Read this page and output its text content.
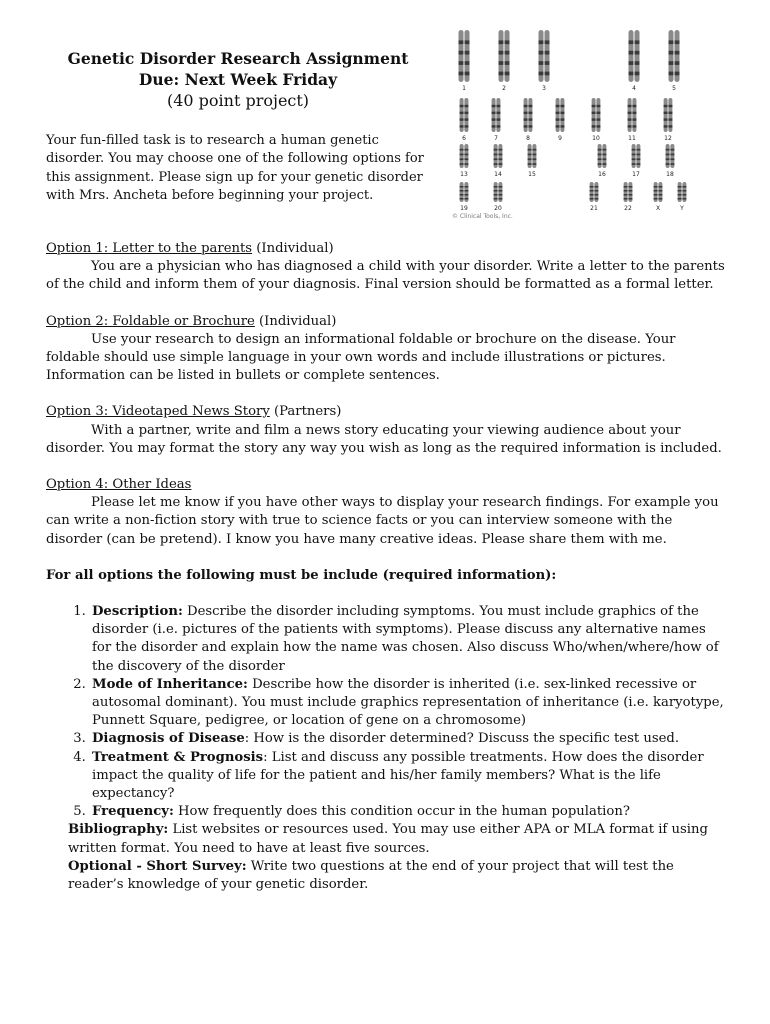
Genetic Disorder Research Assignment
Due: Next Week Friday
(40 point project)
Your fun-filled task is to research a human genetic disorder. You may choose one of the following options for this assignment. Please sign up for your genetic disorder with Mrs. Ancheta before beginning your project.
1	2	3	4	5
6	7	8	9	10	11	12
13	14	15	16	17	18
19	20	21	22	X	Y
© Clinical Tools, Inc.

Option 1: Letter to the parents (Individual)

You are a physician who has diagnosed a child with your disorder. Write a letter to the parents of the child and inform them of your diagnosis. Final version should be formatted as a formal letter.

Option 2: Foldable or Brochure (Individual)

Use your research to design an informational foldable or brochure on the disease. Your foldable should use simple language in your own words and include illustrations or pictures. Information can be listed in bullets or complete sentences.

Option 3: Videotaped News Story (Partners)

With a partner, write and film a news story educating your viewing audience about your disorder. You may format the story any way you wish as long as the required information is included.

Option 4: Other Ideas

Please let me know if you have other ways to display your research findings. For example you can write a non-fiction story with true to science facts or you can interview someone with the disorder (can be pretend). I know you have many creative ideas. Please share them with me.

For all options the following must be include (required information):

1. Description: Describe the disorder including symptoms. You must include graphics of the disorder (i.e. pictures of the patients with symptoms). Please discuss any alternative names for the disorder and explain how the name was chosen. Also discuss Who/when/where/how of the discovery of the disorder
2. Mode of Inheritance: Describe how the disorder is inherited (i.e. sex-linked recessive or autosomal dominant). You must include graphics representation of inheritance (i.e. karyotype, Punnett Square, pedigree, or location of gene on a chromosome)
3. Diagnosis of Disease: How is the disorder determined? Discuss the specific test used.
4. Treatment & Prognosis: List and discuss any possible treatments. How does the disorder impact the quality of life for the patient and his/her family members? What is the life expectancy?
5. Frequency: How frequently does this condition occur in the human population?

Bibliography: List websites or resources used. You may use either APA or MLA format if using written format. You need to have at least five sources.

Optional - Short Survey: Write two questions at the end of your project that will test the reader’s knowledge of your genetic disorder.
